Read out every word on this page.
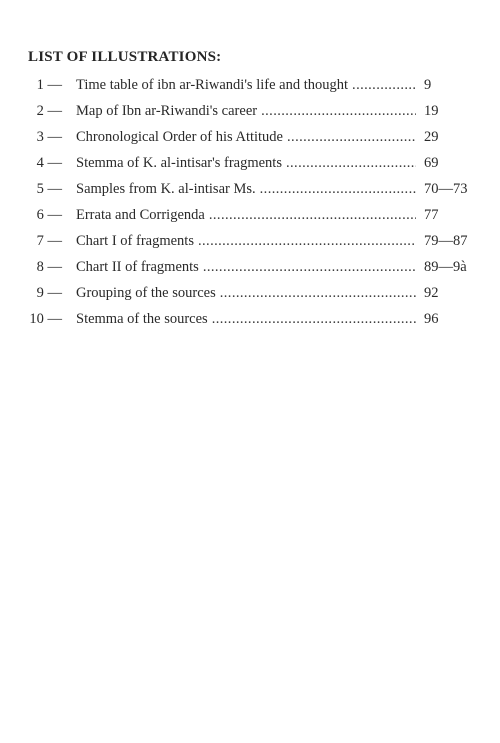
LIST OF ILLUSTRATIONS:
1 — Time table of ibn ar-Riwandi's life and thought .....	9
2 — Map of Ibn ar-Riwandi's career .....	19
3 — Chronological Order of his Attitude .....	29
4 — Stemma of K. al-intisar's fragments .....	69
5 — Samples from K. al-intisar Ms. .....	70—73
6 — Errata and Corrigenda .....	77
7 — Chart I of fragments .....	79—87
8 — Chart II of fragments .....	89—9à
9 — Grouping of the sources .....	92
10 — Stemma of the sources .....	96
